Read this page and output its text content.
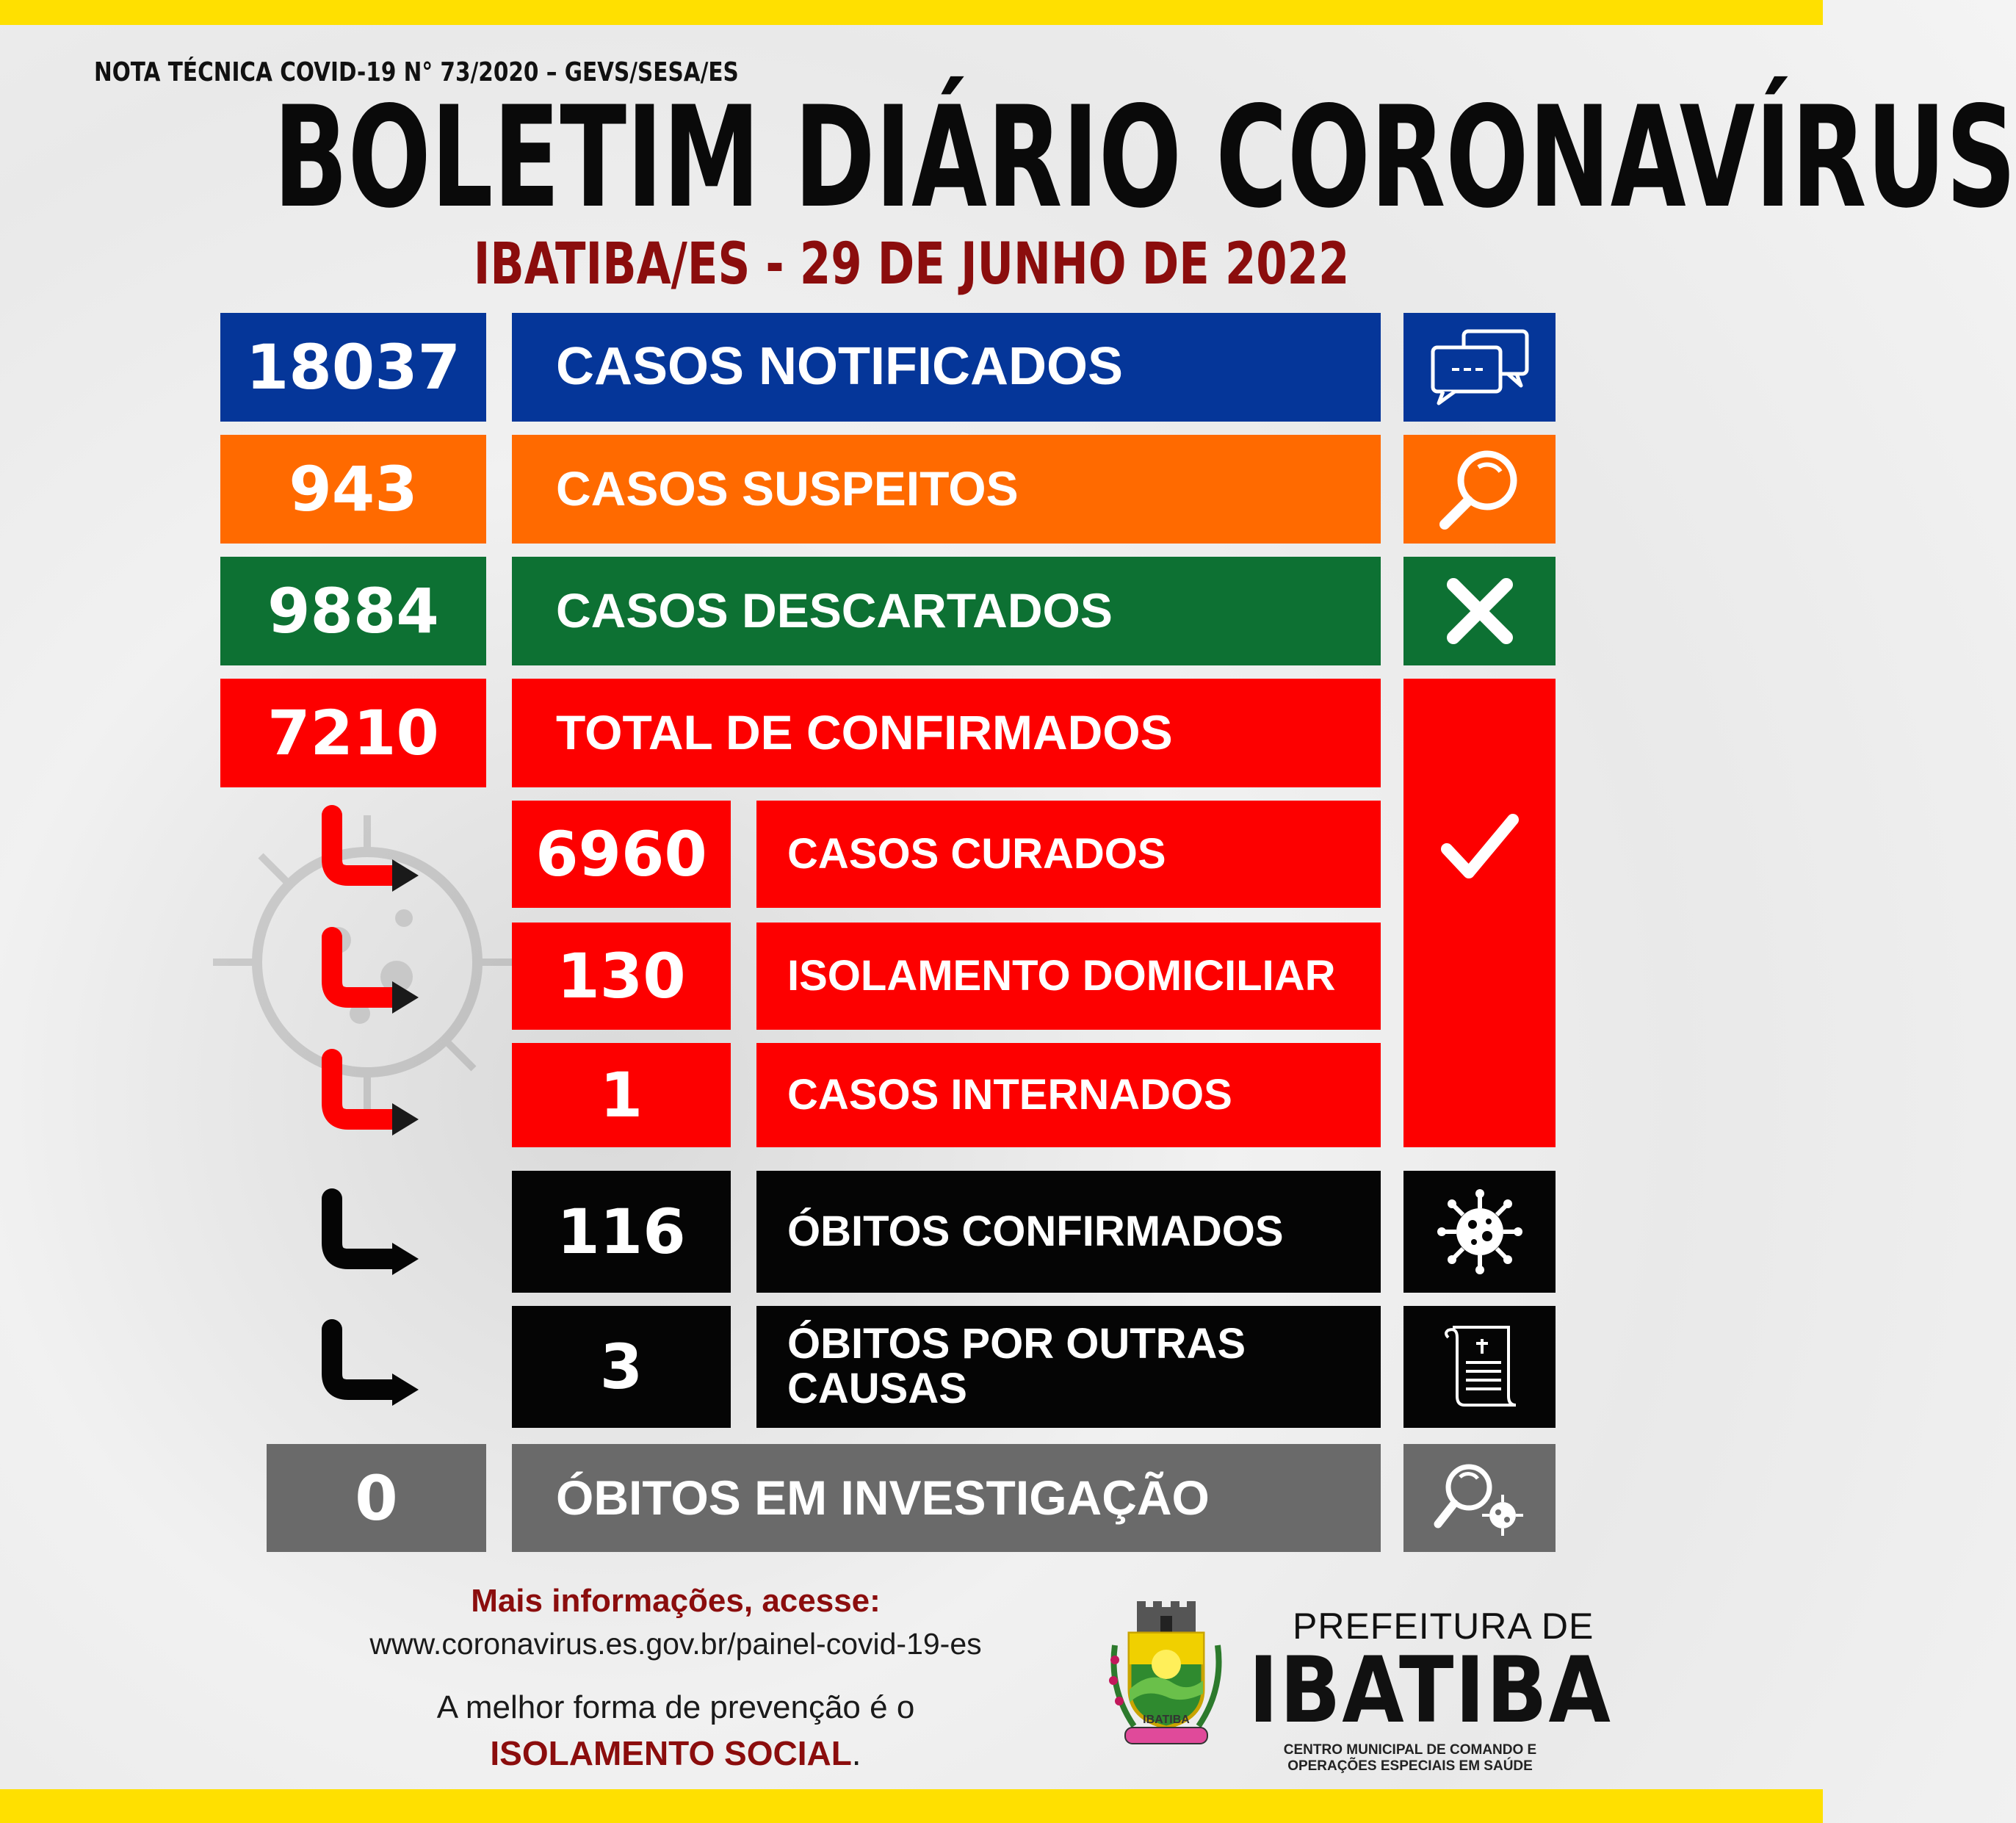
NOTA TÉCNICA COVID-19 N° 73/2020 – GEVS/SESA/ES
BOLETIM DIÁRIO CORONAVÍRUS
IBATIBA/ES - 29 DE JUNHO DE 2022
18037	CASOS NOTIFICADOS
943	CASOS SUSPEITOS
9884	CASOS DESCARTADOS
7210	TOTAL DE CONFIRMADOS
6960	CASOS CURADOS
130	ISOLAMENTO DOMICILIAR
1	CASOS INTERNADOS
116	ÓBITOS CONFIRMADOS
3	ÓBITOS POR OUTRAS
CAUSAS
0	ÓBITOS EM INVESTIGAÇÃO
Mais informações, acesse:
www.coronavirus.es.gov.br/painel-covid-19-es
A melhor forma de prevenção é o
ISOLAMENTO SOCIAL.
IBATIBA
PREFEITURA DE
IBATIBA
CENTRO MUNICIPAL DE COMANDO E OPERAÇÕES ESPECIAIS EM SAÚDE
